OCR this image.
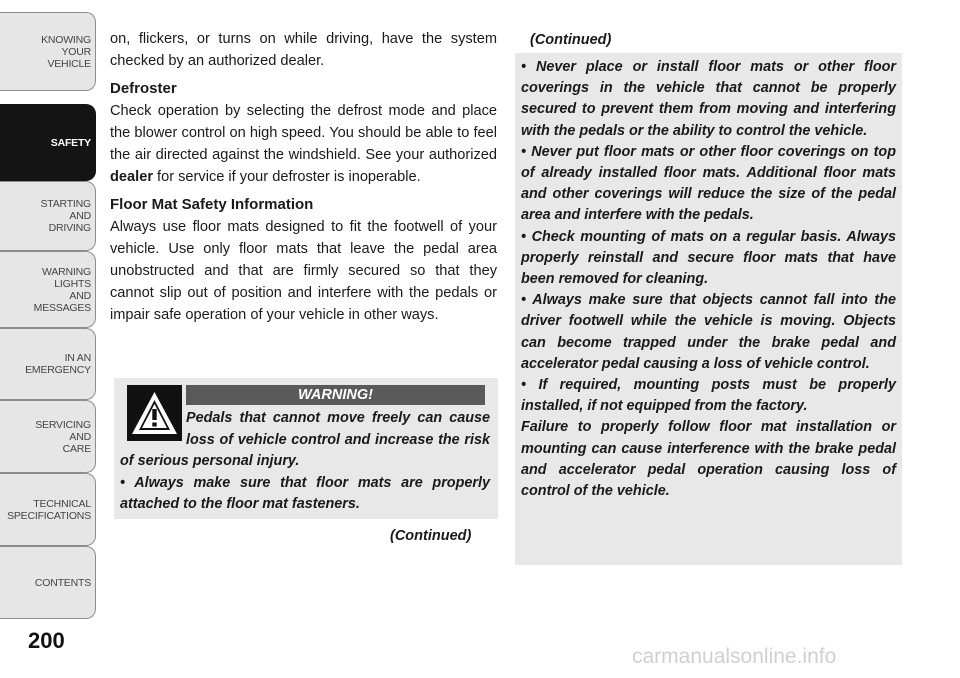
KNOWING
YOUR
VEHICLE
SAFETY
STARTING
AND
DRIVING
WARNING
LIGHTS
AND
MESSAGES
IN AN
EMERGENCY
SERVICING
AND
CARE
TECHNICAL
SPECIFICATIONS
CONTENTS
200

on, flickers, or turns on while driving, have the system checked by an authorized dealer.

Defroster

Check operation by selecting the defrost mode and place the blower control on high speed. You should be able to feel the air directed against the windshield. See your authorized dealer for service if your defroster is inoperable.

Floor Mat Safety Information

Always use floor mats designed to fit the footwell of your vehicle. Use only floor mats that leave the pedal area unobstructed and that are firmly secured so that they cannot slip out of position and interfere with the pedals or impair safe operation of your vehicle in other ways.

WARNING!
Pedals that cannot move freely can cause loss of vehicle control and increase the risk of serious personal injury.
• Always make sure that floor mats are properly attached to the floor mat fasteners.
(Continued)
(Continued)

• Never place or install floor mats or other floor coverings in the vehicle that cannot be properly secured to prevent them from moving and interfering with the pedals or the ability to control the vehicle.

• Never put floor mats or other floor coverings on top of already installed floor mats. Additional floor mats and other coverings will reduce the size of the pedal area and interfere with the pedals.

• Check mounting of mats on a regular basis. Always properly reinstall and secure floor mats that have been removed for cleaning.

• Always make sure that objects cannot fall into the driver footwell while the vehicle is moving. Objects can become trapped under the brake pedal and accelerator pedal causing a loss of vehicle control.

• If required, mounting posts must be properly installed, if not equipped from the factory.

Failure to properly follow floor mat installation or mounting can cause interference with the brake pedal and accelerator pedal operation causing loss of control of the vehicle.

carmanualsonline.info
